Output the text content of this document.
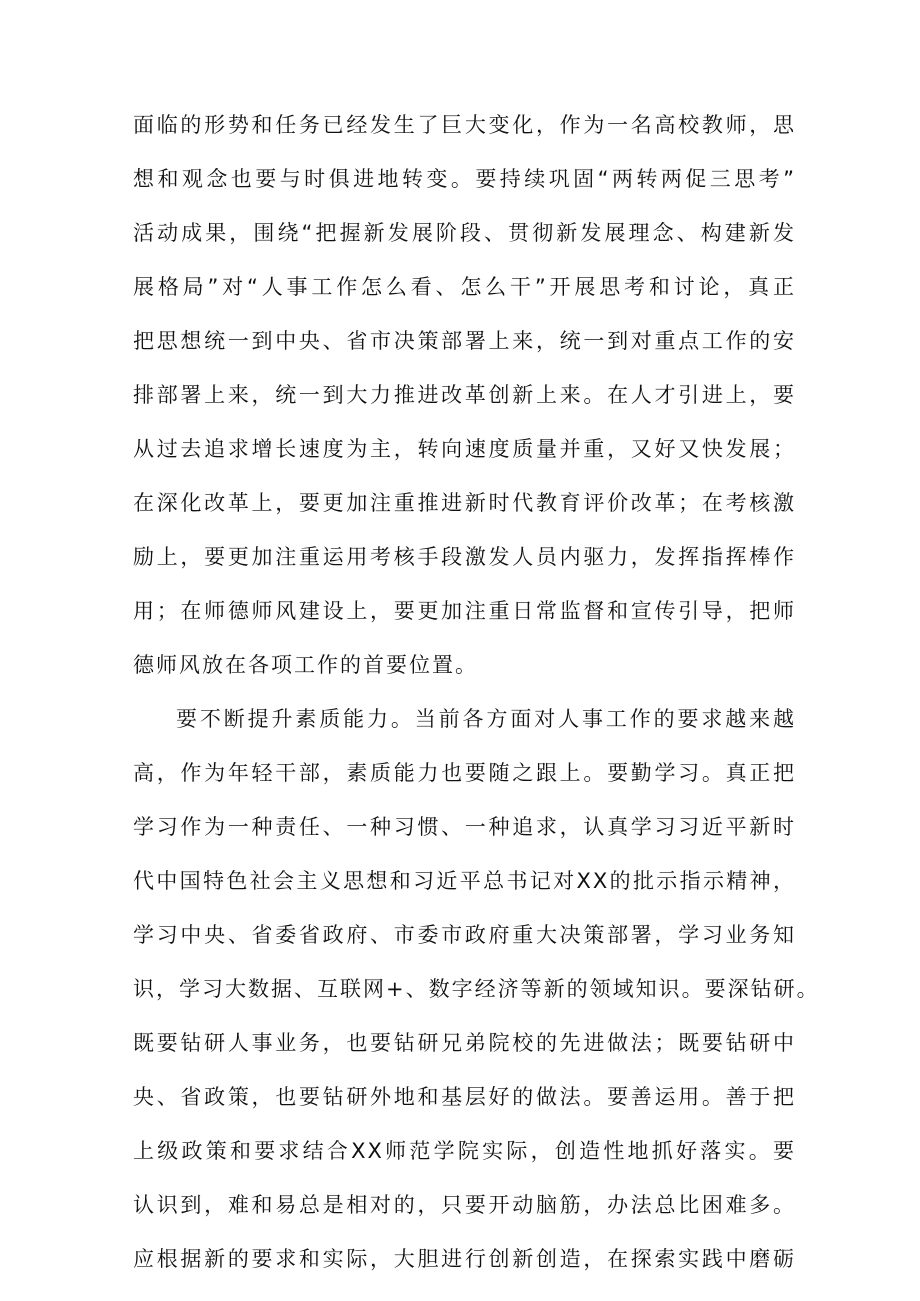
面临的形势和任务已经发生了巨大变化，作为一名高校教师，思
想和观念也要与时俱进地转变。要持续巩固“两转两促三思考”
活动成果，围绕“把握新发展阶段、贯彻新发展理念、构建新发
展格局”对“人事工作怎么看、怎么干”开展思考和讨论，真正
把思想统一到中央、省市决策部署上来，统一到对重点工作的安
排部署上来，统一到大力推进改革创新上来。在人才引进上，要
从过去追求增长速度为主，转向速度质量并重，又好又快发展；
在深化改革上，要更加注重推进新时代教育评价改革；在考核激
励上，要更加注重运用考核手段激发人员内驱力，发挥指挥棒作
用；在师德师风建设上，要更加注重日常监督和宣传引导，把师
德师风放在各项工作的首要位置。
要不断提升素质能力。当前各方面对人事工作的要求越来越
高，作为年轻干部，素质能力也要随之跟上。要勤学习。真正把
学习作为一种责任、一种习惯、一种追求，认真学习习近平新时
代中国特色社会主义思想和习近平总书记对XX的批示指示精神，
学习中央、省委省政府、市委市政府重大决策部署，学习业务知
识，学习大数据、互联网+、数字经济等新的领域知识。要深钻研。
既要钻研人事业务，也要钻研兄弟院校的先进做法；既要钻研中
央、省政策，也要钻研外地和基层好的做法。要善运用。善于把
上级政策和要求结合XX师范学院实际，创造性地抓好落实。要
认识到，难和易总是相对的，只要开动脑筋，办法总比困难多。
应根据新的要求和实际，大胆进行创新创造，在探索实践中磨砺
